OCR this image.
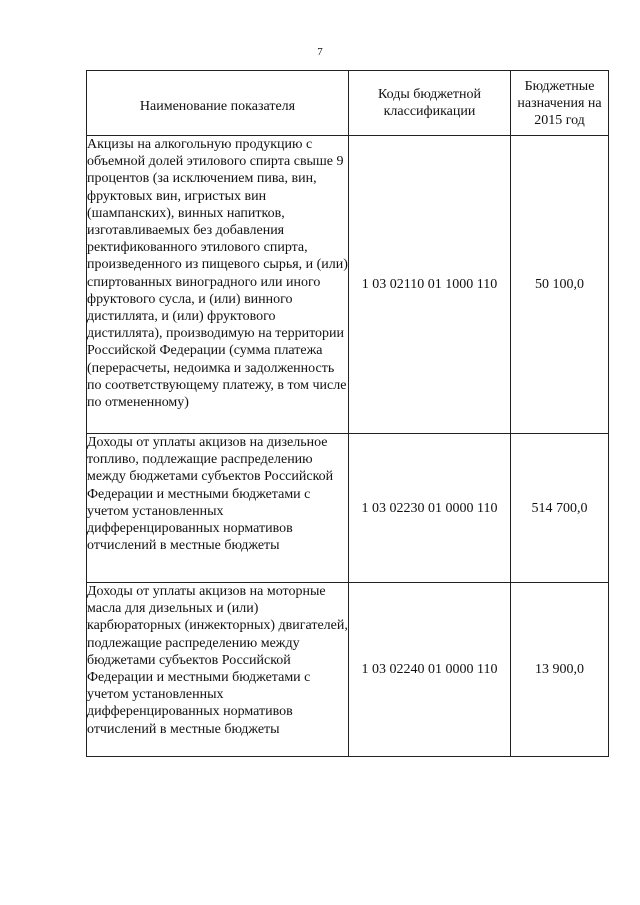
7
Наименование показателя	Коды бюджетной классификации	Бюджетные назначения на 2015 год
Акцизы на алкогольную продукцию с объемной долей этилового спирта свыше 9 процентов (за исключением пива, вин, фруктовых вин, игристых вин (шампанских), винных напитков, изготавливаемых без добавления ректификованного этилового спирта, произведенного из пищевого сырья, и (или) спиртованных виноградного или иного фруктового сусла, и (или) винного дистиллята, и (или) фруктового дистиллята), производимую на территории Российской Федерации (сумма платежа (перерасчеты, недоимка и задолженность по соответствующему платежу, в том числе по отмененному)	1 03 02110 01 1000 110	50 100,0
Доходы от уплаты акцизов на дизельное топливо, подлежащие распределению между бюджетами субъектов Российской Федерации и местными бюджетами с учетом установленных дифференцированных нормативов отчислений в местные бюджеты	1 03 02230 01 0000 110	514 700,0
Доходы от уплаты акцизов на моторные масла для дизельных и (или) карбюраторных (инжекторных) двигателей, подлежащие распределению между бюджетами субъектов Российской Федерации и местными бюджетами с учетом установленных дифференцированных нормативов отчислений в местные бюджеты	1 03 02240 01 0000 110	13 900,0
